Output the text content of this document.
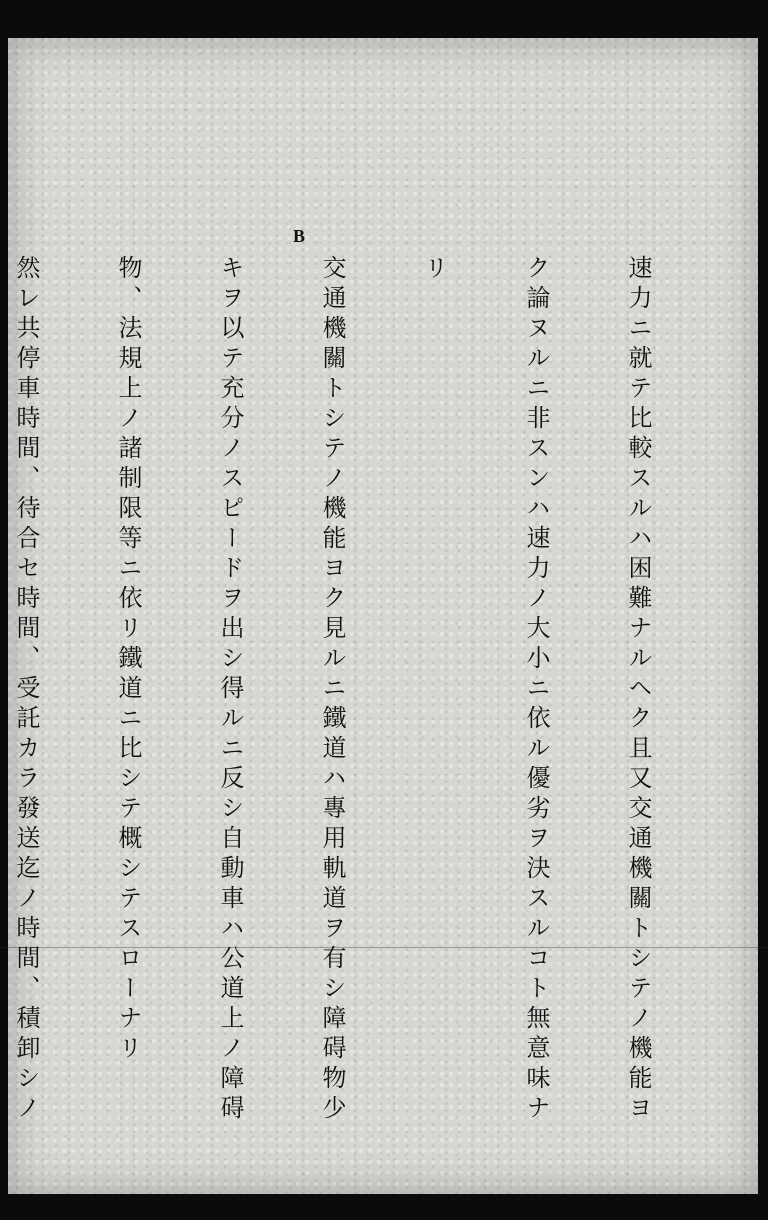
B

速力ニ就テ比較スルハ困難ナルヘク且又交通機關トシテノ機能ヨ

ク論ヌルニ非スンハ速力ノ大小ニ依ル優劣ヲ決スルコト無意味ナ

リ

交通機關トシテノ機能ヨク見ルニ鐵道ハ專用軌道ヲ有シ障碍物少

キヲ以テ充分ノスピードヲ出シ得ルニ反シ自動車ハ公道上ノ障碍

物、法規上ノ諸制限等ニ依リ鐵道ニ比シテ概シテスローナリ

然レ共停車時間、待合セ時間、受託カラ發送迄ノ時間、積卸シノ
